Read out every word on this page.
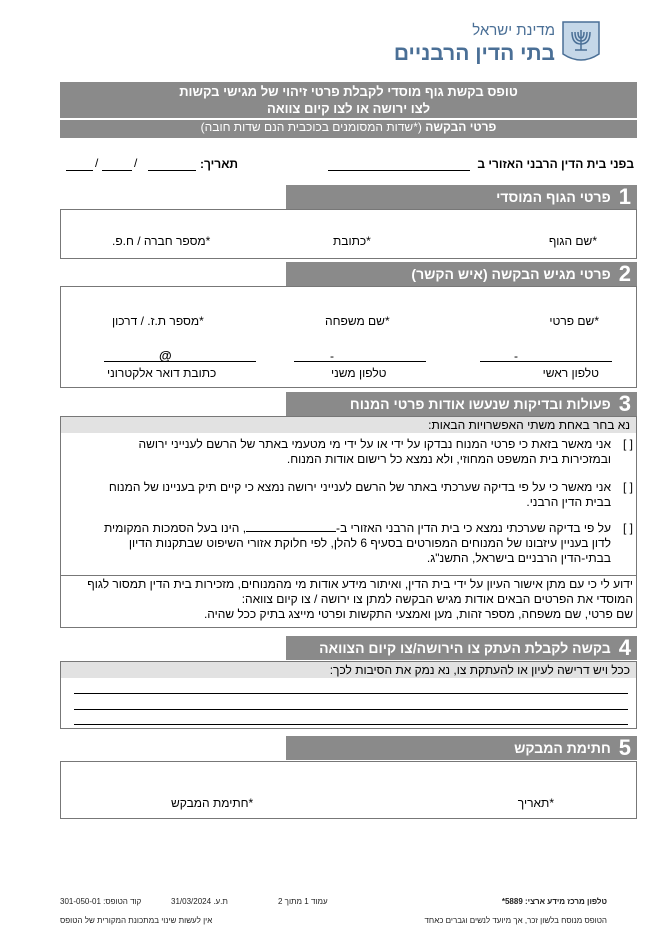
מדינת ישראל
בתי הדין הרבניים
טופס בקשת גוף מוסדי לקבלת פרטי זיהוי של מגישי בקשות
לצו ירושה או לצו קיום צוואה
פרטי הבקשה (*שדות המסומנים בכוכבית הנם שדות חובה)
בפני בית הדין הרבני האזורי ב
תאריך:
/
/
1
פרטי הגוף המוסדי
*שם הגוף
*כתובת
*מספר חברה / ח.פ.
2
פרטי מגיש הבקשה (איש הקשר)
*שם פרטי
*שם משפחה
*מספר ת.ז. / דרכון
-
-
@
טלפון ראשי
טלפון משני
כתובת דואר אלקטרוני
3
פעולות ובדיקות שנעשו אודות פרטי המנוח
נא בחר באחת משתי האפשרויות הבאות:
[ ]
אני מאשר בזאת כי פרטי המנוח נבדקו על ידי או על ידי מי מטעמי באתר של הרשם לענייני ירושה ובמזכירות בית המשפט המחוזי, ולא נמצא כל רישום אודות המנוח.
[ ]
אני מאשר כי על פי בדיקה שערכתי באתר של הרשם לענייני ירושה נמצא כי קיים תיק בעניינו של המנוח בבית הדין הרבני.
[ ]
על פי בדיקה שערכתי נמצא כי בית הדין הרבני האזורי ב-, הינו בעל הסמכות המקומית לדון בעניין עיזבונו של המנוחים המפורטים בסעיף 6 להלן, לפי חלוקת אזורי השיפוט שבתקנות הדיון בבתי-הדין הרבניים בישראל, התשנ"ג.
ידוע לי כי עם מתן אישור העיון על ידי בית הדין, ואיתור מידע אודות מי מהמנוחים, מזכירות בית הדין תמסור לגוף המוסדי את הפרטים הבאים אודות מגיש הבקשה למתן צו ירושה / צו קיום צוואה:
שם פרטי, שם משפחה, מספר זהות, מען ואמצעי התקשות ופרטי מייצג בתיק ככל שהיה.
4
בקשה לקבלת העתק צו הירושה/צו קיום הצוואה
ככל ויש דרישה לעיון או להעתקת צו, נא נמק את הסיבות לכך:
5
חתימת המבקש
*תאריך
*חתימת המבקש
טלפון מרכז מידע ארצי: 5889*
עמוד 1 מתוך 2
ת.ע. 31/03/2024
קוד הטופס: 301-050-01
הטופס מנוסח בלשון זכר, אך מיועד לנשים וגברים כאחד
אין לעשות שינוי במתכונת המקורית של הטופס
